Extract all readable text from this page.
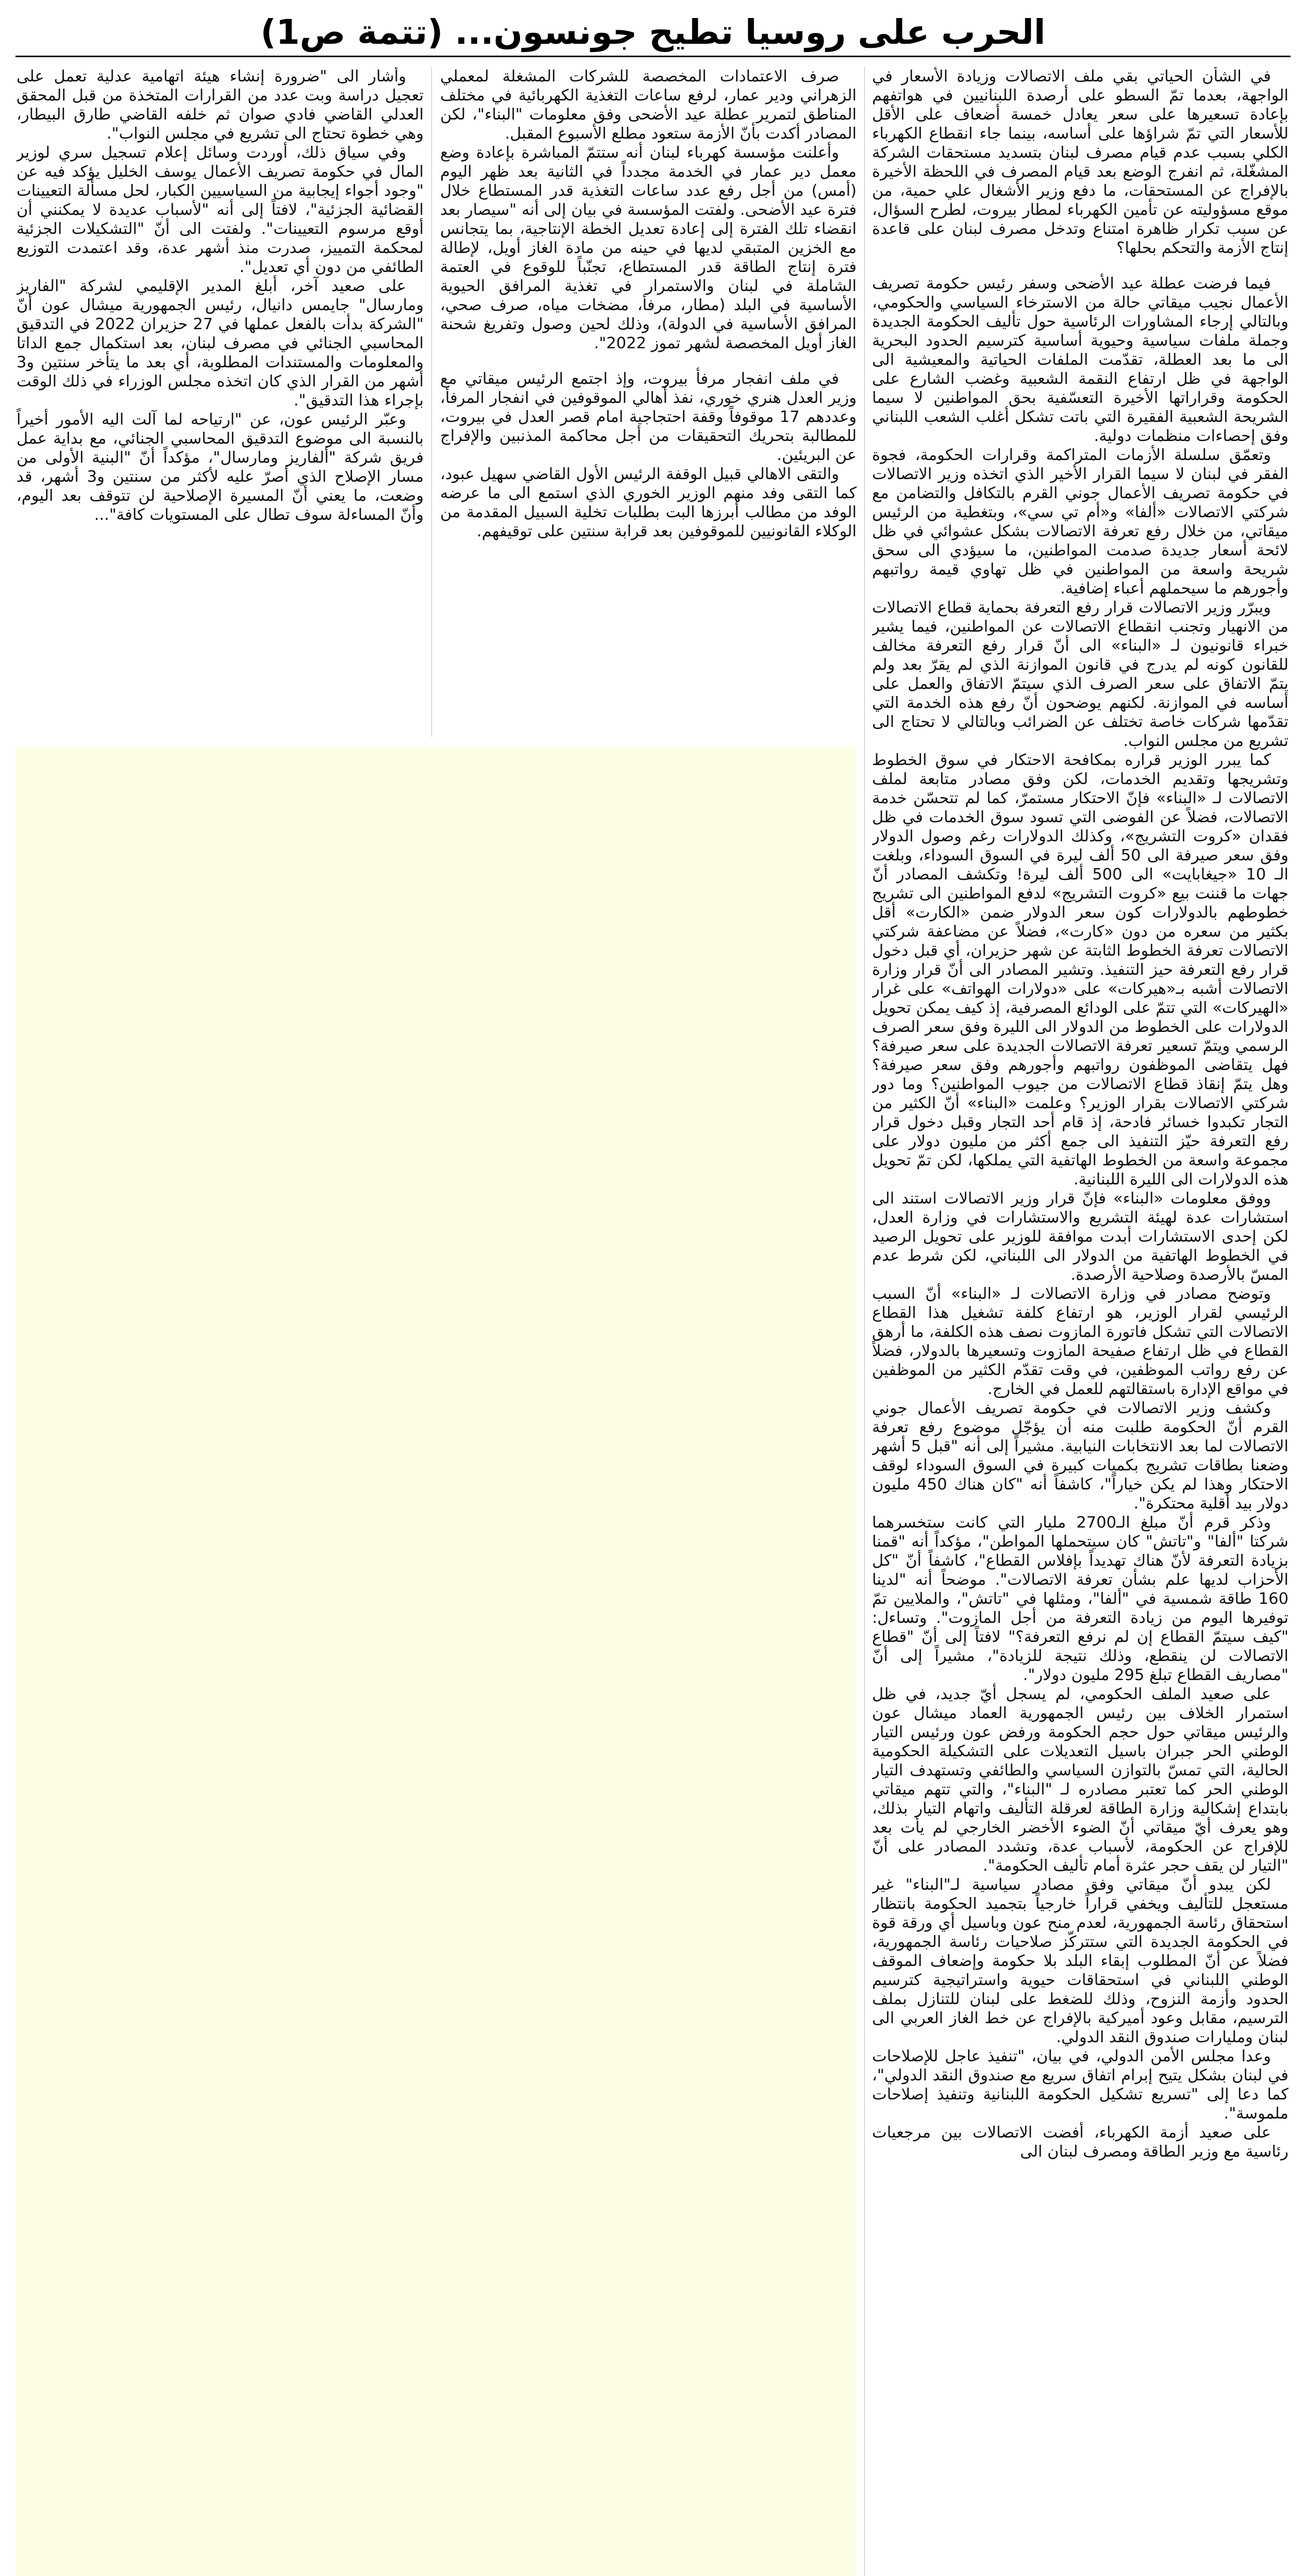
الحرب على روسيا تطيح جونسون... (تتمة ص1)

في الشأن الحياتي بقي ملف الاتصالات وزيادة الأسعار في الواجهة، بعدما تمّ السطو على أرصدة اللبنانيين في هواتفهم بإعادة تسعيرها على سعر يعادل خمسة أضعاف على الأقل للأسعار التي تمّ شراؤها على أساسه، بينما جاء انقطاع الكهرباء الكلي بسبب عدم قيام مصرف لبنان بتسديد مستحقات الشركة المشغّلة، ثم انفرج الوضع بعد قيام المصرف في اللحظة الأخيرة بالإفراج عن المستحقات، ما دفع وزير الأشغال علي حمية، من موقع مسؤوليته عن تأمين الكهرباء لمطار بيروت، لطرح السؤال، عن سبب تكرار ظاهرة امتناع وتدخل مصرف لبنان على قاعدة إنتاج الأزمة والتحكم بحلها؟

فيما فرضت عطلة عيد الأضحى وسفر رئيس حكومة تصريف الأعمال نجيب ميقاتي حالة من الاسترخاء السياسي والحكومي، وبالتالي إرجاء المشاورات الرئاسية حول تأليف الحكومة الجديدة وجملة ملفات سياسية وحيوية أساسية كترسيم الحدود البحرية الى ما بعد العطلة، تقدّمت الملفات الحياتية والمعيشية الى الواجهة في ظل ارتفاع النقمة الشعبية وغضب الشارع على الحكومة وقراراتها الأخيرة التعسّفية بحق المواطنين لا سيما الشريحة الشعبية الفقيرة التي باتت تشكل أغلب الشعب اللبناني وفق إحصاءات منظمات دولية.

وتعمّق سلسلة الأزمات المتراكمة وقرارات الحكومة، فجوة الفقر في لبنان لا سيما القرار الأخير الذي اتخذه وزير الاتصالات في حكومة تصريف الأعمال جوني القرم بالتكافل والتضامن مع شركتي الاتصالات «ألفا» و«أم تي سي»، وبتغطية من الرئيس ميقاتي، من خلال رفع تعرفة الاتصالات بشكل عشوائي في ظل لائحة أسعار جديدة صدمت المواطنين، ما سيؤدي الى سحق شريحة واسعة من المواطنين في ظل تهاوي قيمة رواتبهم وأجورهم ما سيحملهم أعباء إضافية.

ويبرّر وزير الاتصالات قرار رفع التعرفة بحماية قطاع الاتصالات من الانهيار وتجنب انقطاع الاتصالات عن المواطنين، فيما يشير خبراء قانونيون لـ «البناء» الى أنّ قرار رفع التعرفة مخالف للقانون كونه لم يدرج في قانون الموازنة الذي لم يقرّ بعد ولم يتمّ الاتفاق على سعر الصرف الذي سيتمّ الاتفاق والعمل على أساسه في الموازنة. لكنهم يوضحون أنّ رفع هذه الخدمة التي تقدّمها شركات خاصة تختلف عن الضرائب وبالتالي لا تحتاج الى تشريع من مجلس النواب.

كما يبرر الوزير قراره بمكافحة الاحتكار في سوق الخطوط وتشريجها وتقديم الخدمات، لكن وفق مصادر متابعة لملف الاتصالات لـ «البناء» فإنّ الاحتكار مستمرّ، كما لم تتحسّن خدمة الاتصالات، فضلاً عن الفوضى التي تسود سوق الخدمات في ظل فقدان «كروت التشريج»، وكذلك الدولارات رغم وصول الدولار وفق سعر صيرفة الى 50 ألف ليرة في السوق السوداء، وبلغت الـ 10 «جيغابايت» الى 500 ألف ليرة! وتكشف المصادر أنّ جهات ما قننت بيع «كروت التشريج» لدفع المواطنين الى تشريج خطوطهم بالدولارات كون سعر الدولار ضمن «الكارت» أقل بكثير من سعره من دون «كارت»، فضلاً عن مضاعفة شركتي الاتصالات تعرفة الخطوط الثابتة عن شهر حزيران، أي قبل دخول قرار رفع التعرفة حيز التنفيذ. وتشير المصادر الى أنّ قرار وزارة الاتصالات أشبه بـ«هيركات» على «دولارات الهواتف» على غرار «الهيركات» التي تتمّ على الودائع المصرفية، إذ كيف يمكن تحويل الدولارات على الخطوط من الدولار الى الليرة وفق سعر الصرف الرسمي ويتمّ تسعير تعرفة الاتصالات الجديدة على سعر صيرفة؟ فهل يتقاضى الموظفون رواتبهم وأجورهم وفق سعر صيرفة؟ وهل يتمّ إنقاذ قطاع الاتصالات من جيوب المواطنين؟ وما دور شركتي الاتصالات بقرار الوزير؟ وعلمت «البناء» أنّ الكثير من التجار تكبدوا خسائر فادحة، إذ قام أحد التجار وقبل دخول قرار رفع التعرفة حيّز التنفيذ الى جمع أكثر من مليون دولار على مجموعة واسعة من الخطوط الهاتفية التي يملكها، لكن تمّ تحويل هذه الدولارات الى الليرة اللبنانية.

ووفق معلومات «البناء» فإنّ قرار وزير الاتصالات استند الى استشارات عدة لهيئة التشريع والاستشارات في وزارة العدل، لكن إحدى الاستشارات أبدت موافقة للوزير على تحويل الرصيد في الخطوط الهاتفية من الدولار الى اللبناني، لكن شرط عدم المسّ بالأرصدة وصلاحية الأرصدة.

وتوضح مصادر في وزارة الاتصالات لـ «البناء» أنّ السبب الرئيسي لقرار الوزير، هو ارتفاع كلفة تشغيل هذا القطاع الاتصالات التي تشكل فاتورة المازوت نصف هذه الكلفة، ما أرهق القطاع في ظل ارتفاع صفيحة المازوت وتسعيرها بالدولار، فضلاً عن رفع رواتب الموظفين، في وقت تقدّم الكثير من الموظفين في مواقع الإدارة باستقالتهم للعمل في الخارج.

وكشف وزير الاتصالات في حكومة تصريف الأعمال جوني القرم أنّ الحكومة طلبت منه أن يؤجّل موضوع رفع تعرفة الاتصالات لما بعد الانتخابات النيابية. مشيراً إلى أنه "قبل 5 أشهر وضعنا بطاقات تشريج بكميات كبيرة في السوق السوداء لوقف الاحتكار وهذا لم يكن خياراً"، كاشفاً أنه "كان هناك 450 مليون دولار بيد أقلية محتكرة".

وذكر قرم أنّ مبلغ الـ2700 مليار التي كانت ستخسرهما شركتا "ألفا" و"تاتش" كان سيتحملها المواطن"، مؤكداً أنه "قمنا بزيادة التعرفة لأنّ هناك تهديداً بإفلاس القطاع"، كاشفاً أنّ "كل الأحزاب لديها علم بشأن تعرفة الاتصالات". موضحاً أنه "لدينا 160 طاقة شمسية في "ألفا"، ومثلها في "تاتش"، والملايين تمّ توفيرها اليوم من زيادة التعرفة من أجل المازوت". وتساءل: "كيف سيتمّ القطاع إن لم نرفع التعرفة؟" لافتاً إلى أنّ "قطاع الاتصالات لن ينقطع، وذلك نتيجة للزيادة"، مشيراً إلى أنّ "مصاريف القطاع تبلغ 295 مليون دولار".

على صعيد الملف الحكومي، لم يسجل أيّ جديد، في ظل استمرار الخلاف بين رئيس الجمهورية العماد ميشال عون والرئيس ميقاتي حول حجم الحكومة ورفض عون ورئيس التيار الوطني الحر جبران باسيل التعديلات على التشكيلة الحكومية الحالية، التي تمسّ بالتوازن السياسي والطائفي وتستهدف التيار الوطني الحر كما تعتبر مصادره لـ "البناء"، والتي تتهم ميقاتي بابتداع إشكالية وزارة الطاقة لعرقلة التأليف واتهام التيار بذلك، وهو يعرف أيّ ميقاتي أنّ الضوء الأخضر الخارجي لم يأت بعد للإفراج عن الحكومة، لأسباب عدة، وتشدد المصادر على أنّ "التيار لن يقف حجر عثرة أمام تأليف الحكومة".

لكن يبدو أنّ ميقاتي وفق مصادر سياسية لـ"البناء" غير مستعجل للتأليف ويخفي قراراً خارجياً بتجميد الحكومة بانتظار استحقاق رئاسة الجمهورية، لعدم منح عون وباسيل أي ورقة قوة في الحكومة الجديدة التي ستتركّز صلاحيات رئاسة الجمهورية، فضلاً عن أنّ المطلوب إبقاء البلد بلا حكومة وإضعاف الموقف الوطني اللبناني في استحقاقات حيوية واستراتيجية كترسيم الحدود وأزمة النزوح، وذلك للضغط على لبنان للتنازل بملف الترسيم، مقابل وعود أميركية بالإفراج عن خط الغاز العربي الى لبنان ومليارات صندوق النقد الدولي.

وعدا مجلس الأمن الدولي، في بيان، "تنفيذ عاجل للإصلاحات في لبنان بشكل يتيح إبرام اتفاق سريع مع صندوق النقد الدولي"، كما دعا إلى "تسريع تشكيل الحكومة اللبنانية وتنفيذ إصلاحات ملموسة".

على صعيد أزمة الكهرباء، أفضت الاتصالات بين مرجعيات رئاسية مع وزير الطاقة ومصرف لبنان الى

صرف الاعتمادات المخصصة للشركات المشغلة لمعملي الزهراني ودير عمار، لرفع ساعات التغذية الكهربائية في مختلف المناطق لتمرير عطلة عيد الأضحى وفق معلومات "البناء"، لكن المصادر أكدت بأنّ الأزمة ستعود مطلع الأسبوع المقبل.

وأعلنت مؤسسة كهرباء لبنان أنه ستتمّ المباشرة بإعادة وضع معمل دير عمار في الخدمة مجدداً في الثانية بعد ظهر اليوم (أمس) من أجل رفع عدد ساعات التغذية قدر المستطاع خلال فترة عيد الأضحى. ولفتت المؤسسة في بيان إلى أنه "سيصار بعد انقضاء تلك الفترة إلى إعادة تعديل الخطة الإنتاجية، بما يتجانس مع الخزين المتبقي لديها في حينه من مادة الغاز أويل، لإطالة فترة إنتاج الطاقة قدر المستطاع، تجنّباً للوقوع في العتمة الشاملة في لبنان والاستمرار في تغذية المرافق الحيوية الأساسية في البلد (مطار، مرفأ، مضخات مياه، صرف صحي، المرافق الأساسية في الدولة)، وذلك لحين وصول وتفريغ شحنة الغاز أويل المخصصة لشهر تموز 2022".

في ملف انفجار مرفأ بيروت، وإذ اجتمع الرئيس ميقاتي مع وزير العدل هنري خوري، نفذ أهالي الموقوفين في انفجار المرفأ، وعددهم 17 موقوفاً وقفة احتجاجية امام قصر العدل في بيروت، للمطالبة بتحريك التحقيقات من أجل محاكمة المذنبين والإفراج عن البريئين.

والتقى الاهالي قبيل الوقفة الرئيس الأول القاضي سهيل عبود، كما التقى وفد منهم الوزير الخوري الذي استمع الى ما عرضه الوفد من مطالب أبرزها البت بطلبات تخلية السبيل المقدمة من الوكلاء القانونيين للموقوفين بعد قرابة سنتين على توقيفهم.

وأشار الى "ضرورة إنشاء هيئة اتهامية عدلية تعمل على تعجيل دراسة وبت عدد من القرارات المتخذة من قبل المحقق العدلي القاضي فادي صوان ثم خلفه القاضي طارق البيطار، وهي خطوة تحتاج الى تشريع في مجلس النواب".

وفي سياق ذلك، أوردت وسائل إعلام تسجيل سري لوزير المال في حكومة تصريف الأعمال يوسف الخليل يؤكد فيه عن "وجود أجواء إيجابية من السياسيين الكبار، لحل مسألة التعيينات القضائية الجزئية"، لافتاً إلى أنه "لأسباب عديدة لا يمكنني أن أوقع مرسوم التعيينات". ولفتت الى أنّ "التشكيلات الجزئية لمحكمة التمييز، صدرت منذ أشهر عدة، وقد اعتمدت التوزيع الطائفي من دون أي تعديل".

على صعيد آخر، أبلغ المدير الإقليمي لشركة "الفاريز ومارسال" جايمس دانيال، رئيس الجمهورية ميشال عون أنّ "الشركة بدأت بالفعل عملها في 27 حزيران 2022 في التدقيق المحاسبي الجنائي في مصرف لبنان، بعد استكمال جمع الداتا والمعلومات والمستندات المطلوبة، أي بعد ما يتأخر سنتين و3 أشهر من القرار الذي كان اتخذه مجلس الوزراء في ذلك الوقت بإجراء هذا التدقيق".

وعبّر الرئيس عون، عن "ارتياحه لما آلت اليه الأمور أخيراً بالنسبة الى موضوع التدقيق المحاسبي الجنائي، مع بداية عمل فريق شركة "ألفاريز ومارسال"، مؤكداً أنّ "البنية الأولى من مسار الإصلاح الذي أصرّ عليه لأكثر من سنتين و3 أشهر، قد وضعت، ما يعني أنّ المسيرة الإصلاحية لن تتوقف بعد اليوم، وأنّ المساءلة سوف تطال على المستويات كافة"...
